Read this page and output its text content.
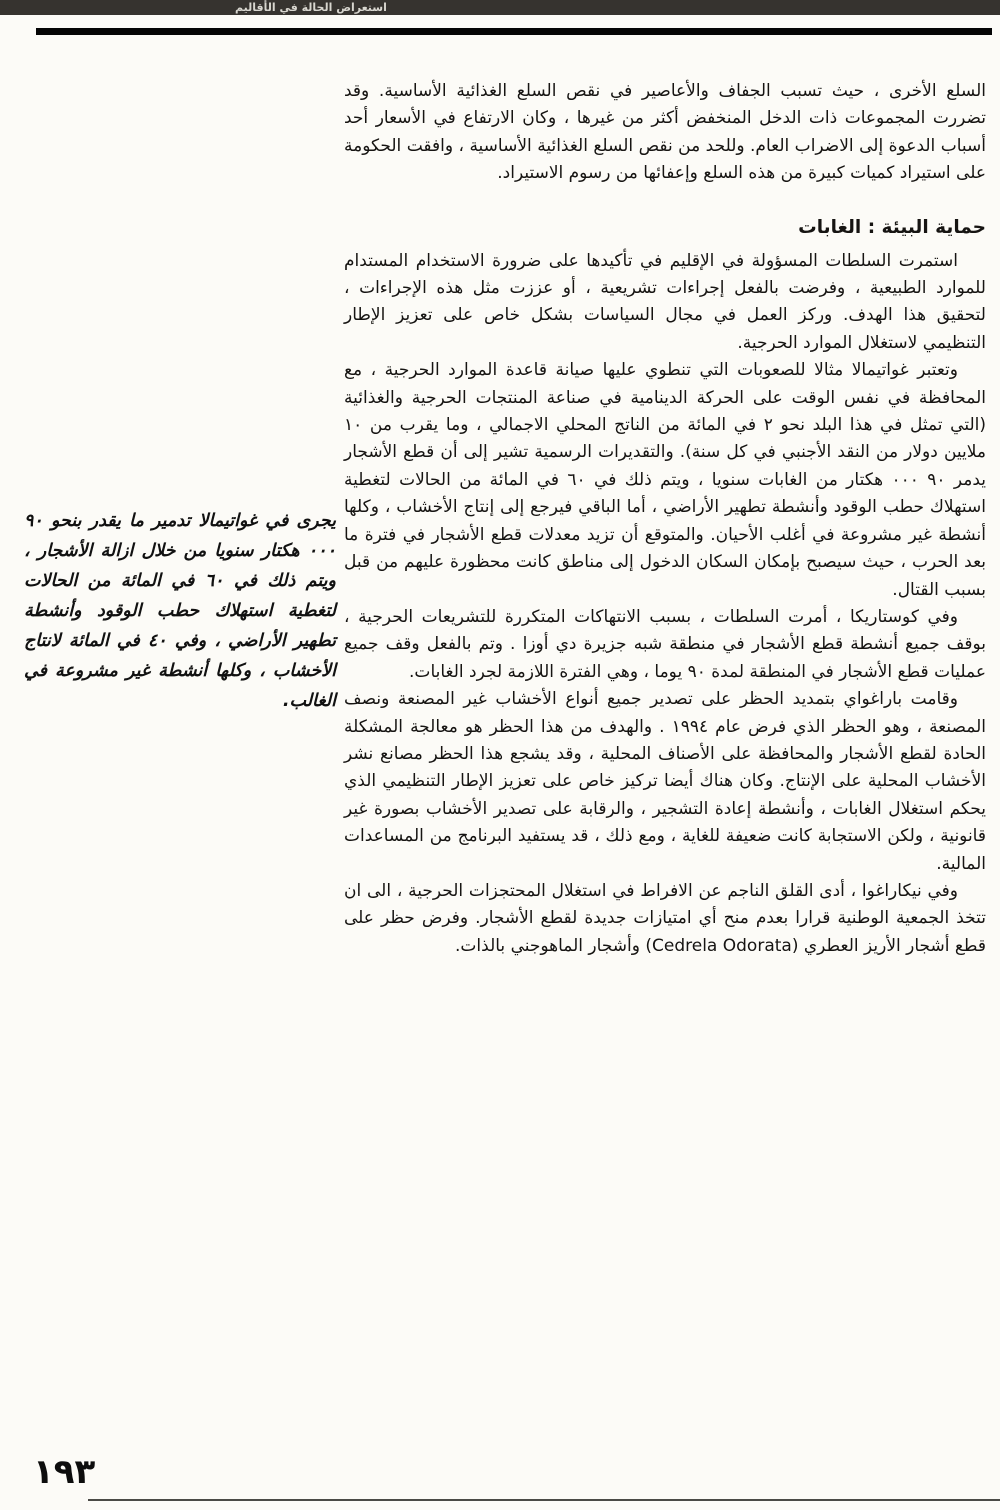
استعراض الحالة في الأقاليم
يجرى في غواتيمالا تدمير ما يقدر بنحو ٩٠ ٠٠٠ هكتار سنويا من خلال ازالة الأشجار ، ويتم ذلك في ٦٠ في المائة من الحالات لتغطية استهلاك حطب الوقود وأنشطة تطهير الأراضي ، وفي ٤٠ في المائة لانتاج الأخشاب ، وكلها أنشطة غير مشروعة في الغالب.

السلع الأخرى ، حيث تسبب الجفاف والأعاصير في نقص السلع الغذائية الأساسية. وقد تضررت المجموعات ذات الدخل المنخفض أكثر من غيرها ، وكان الارتفاع في الأسعار أحد أسباب الدعوة إلى الاضراب العام. وللحد من نقص السلع الغذائية الأساسية ، وافقت الحكومة على استيراد كميات كبيرة من هذه السلع وإعفائها من رسوم الاستيراد.

حماية البيئة : الغابات

استمرت السلطات المسؤولة في الإقليم في تأكيدها على ضرورة الاستخدام المستدام للموارد الطبيعية ، وفرضت بالفعل إجراءات تشريعية ، أو عززت مثل هذه الإجراءات ، لتحقيق هذا الهدف. وركز العمل في مجال السياسات بشكل خاص على تعزيز الإطار التنظيمي لاستغلال الموارد الحرجية.

وتعتبر غواتيمالا مثالا للصعوبات التي تنطوي عليها صيانة قاعدة الموارد الحرجية ، مع المحافظة في نفس الوقت على الحركة الدينامية في صناعة المنتجات الحرجية والغذائية (التي تمثل في هذا البلد نحو ٢ في المائة من الناتج المحلي الاجمالي ، وما يقرب من ١٠ ملايين دولار من النقد الأجنبي في كل سنة). والتقديرات الرسمية تشير إلى أن قطع الأشجار يدمر ٩٠ ٠٠٠ هكتار من الغابات سنويا ، ويتم ذلك في ٦٠ في المائة من الحالات لتغطية استهلاك حطب الوقود وأنشطة تطهير الأراضي ، أما الباقي فيرجع إلى إنتاج الأخشاب ، وكلها أنشطة غير مشروعة في أغلب الأحيان. والمتوقع أن تزيد معدلات قطع الأشجار في فترة ما بعد الحرب ، حيث سيصبح بإمكان السكان الدخول إلى مناطق كانت محظورة عليهم من قبل بسبب القتال.

وفي كوستاريكا ، أمرت السلطات ، بسبب الانتهاكات المتكررة للتشريعات الحرجية ، بوقف جميع أنشطة قطع الأشجار في منطقة شبه جزيرة دي أوزا . وتم بالفعل وقف جميع عمليات قطع الأشجار في المنطقة لمدة ٩٠ يوما ، وهي الفترة اللازمة لجرد الغابات.

وقامت باراغواي بتمديد الحظر على تصدير جميع أنواع الأخشاب غير المصنعة ونصف المصنعة ، وهو الحظر الذي فرض عام ١٩٩٤ . والهدف من هذا الحظر هو معالجة المشكلة الحادة لقطع الأشجار والمحافظة على الأصناف المحلية ، وقد يشجع هذا الحظر مصانع نشر الأخشاب المحلية على الإنتاج. وكان هناك أيضا تركيز خاص على تعزيز الإطار التنظيمي الذي يحكم استغلال الغابات ، وأنشطة إعادة التشجير ، والرقابة على تصدير الأخشاب بصورة غير قانونية ، ولكن الاستجابة كانت ضعيفة للغاية ، ومع ذلك ، قد يستفيد البرنامج من المساعدات المالية.

وفي نيكاراغوا ، أدى القلق الناجم عن الافراط في استغلال المحتجزات الحرجية ، الى ان تتخذ الجمعية الوطنية قرارا بعدم منح أي امتيازات جديدة لقطع الأشجار. وفرض حظر على قطع أشجار الأريز العطري (Cedrela Odorata) وأشجار الماهوجني بالذات.

١٩٣
